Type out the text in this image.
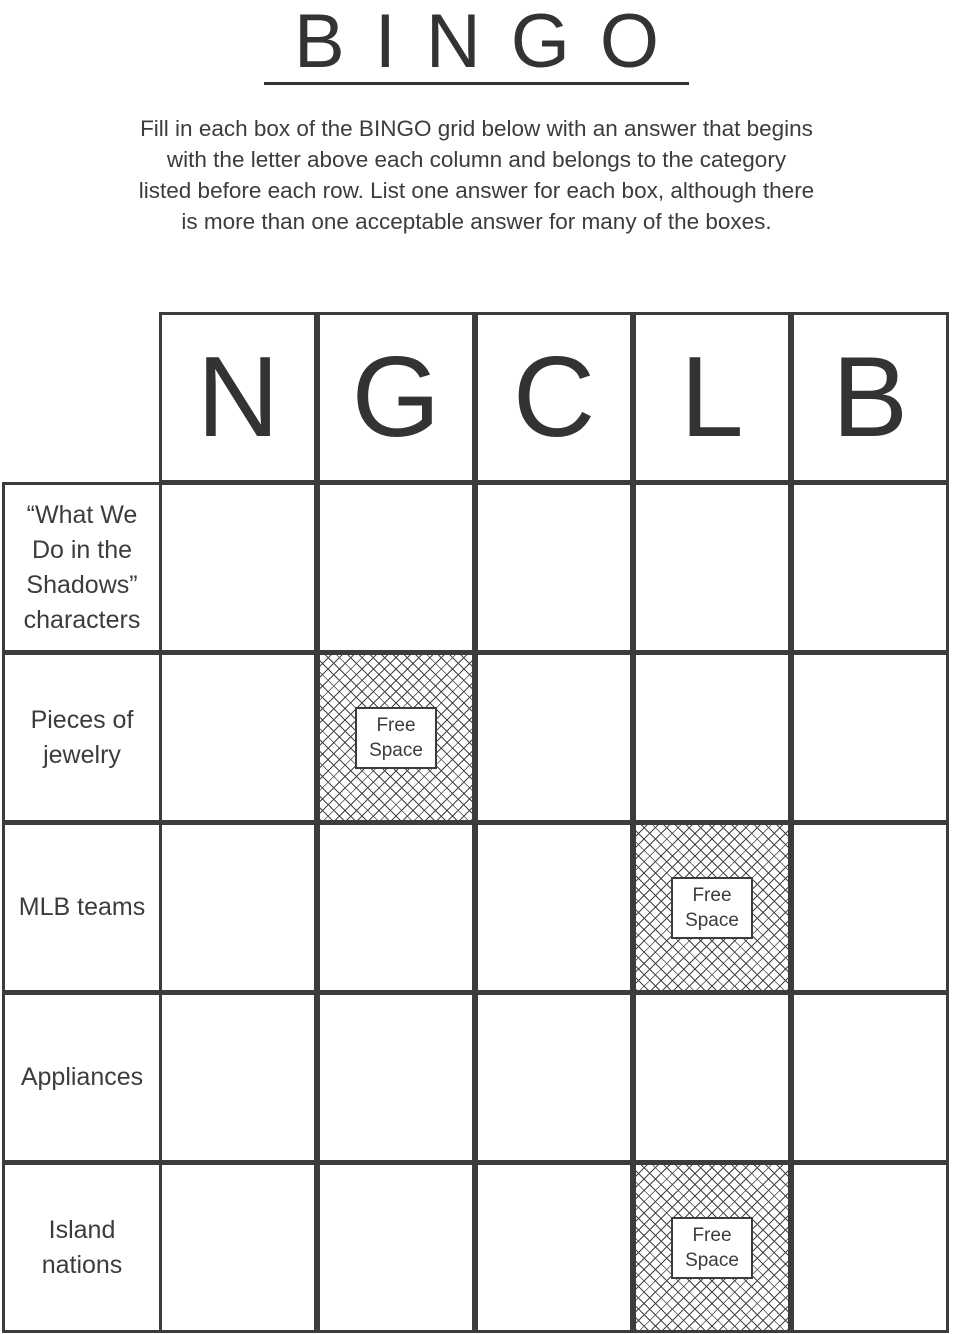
BINGO
Fill in each box of the BINGO grid below with an answer that begins
with the letter above each column and belongs to the category
listed before each row. List one answer for each box, although there
is more than one acceptable answer for many of the boxes.
N G C L B
“What We Do in the Shadows” characters
Pieces of jewelry
Free
Space
MLB teams	Free
Space
Appliances
Island nations
Free
Space
